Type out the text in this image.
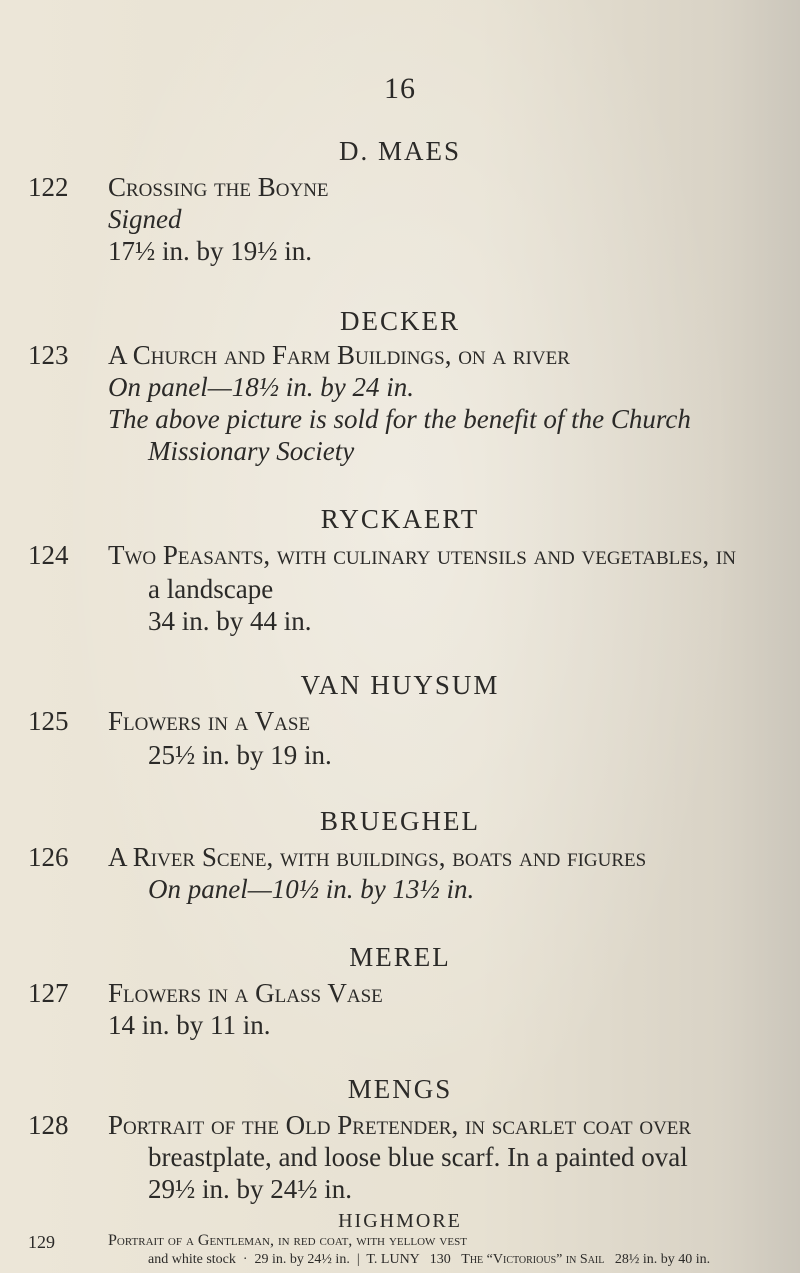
16
D. MAES
122	Crossing the Boyne
Signed
17½ in. by 19½ in.
DECKER
123	A Church and Farm Buildings, on a river
On panel—18½ in. by 24 in.
The above picture is sold for the benefit of the Church
Missionary Society
RYCKAERT
124	Two Peasants, with culinary utensils and vegetables, in
a landscape
34 in. by 44 in.
VAN HUYSUM
125	Flowers in a Vase
25½ in. by 19 in.
BRUEGHEL
126	A River Scene, with buildings, boats and figures
On panel—10½ in. by 13½ in.
MEREL
127	Flowers in a Glass Vase
14 in. by 11 in.
MENGS
128	Portrait of the Old Pretender, in scarlet coat over
breastplate, and loose blue scarf. In a painted oval
29½ in. by 24½ in.
HIGHMORE
129	Portrait of a Gentleman, in red coat, with yellow vest
and white stock  ·  29 in. by 24½ in.  |  T. LUNY 130 The “Victorious” in Sail 28½ in. by 40 in.
